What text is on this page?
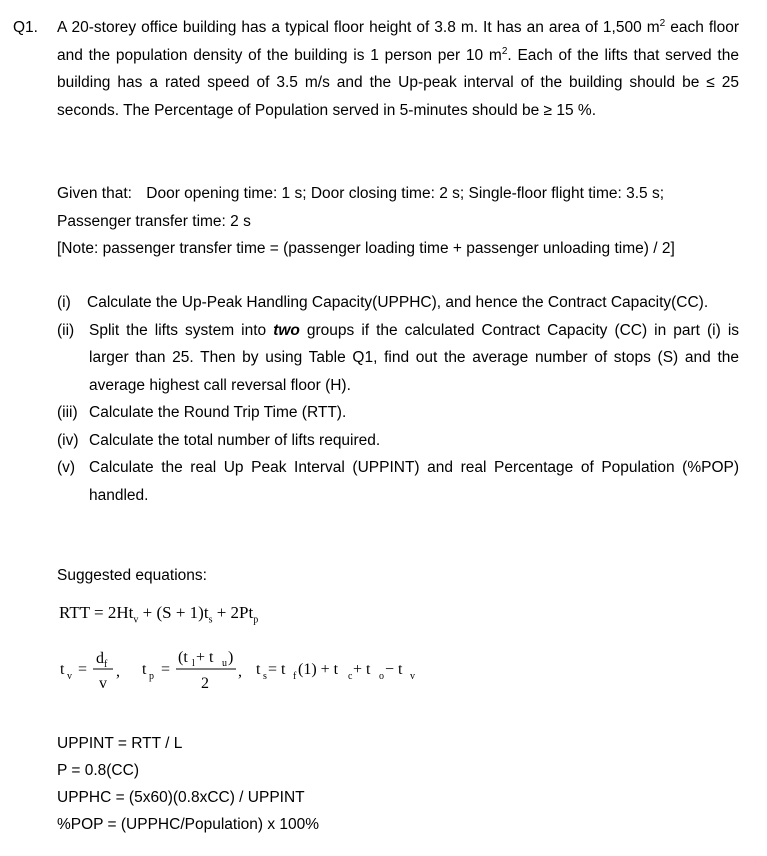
Q1. A 20-storey office building has a typical floor height of 3.8 m. It has an area of 1,500 $m^2$ each floor and the population density of the building is 1 person per 10 $m^2$. Each of the lifts that served the building has a rated speed of 3.5 m/s and the Up-peak interval of the building should be ≤ 25 seconds. The Percentage of Population served in 5-minutes should be ≥ 15 %.
Given that: Door opening time: 1 s; Door closing time: 2 s; Single-floor flight time: 3.5 s;
Passenger transfer time: 2 s
[Note: passenger transfer time = (passenger loading time + passenger unloading time) / 2]
(i) Calculate the Up-Peak Handling Capacity(UPPHC), and hence the Contract Capacity(CC).
(ii) Split the lifts system into two groups if the calculated Contract Capacity (CC) in part (i) is larger than 25. Then by using Table Q1, find out the average number of stops (S) and the average highest call reversal floor (H).
(iii) Calculate the Round Trip Time (RTT).
(iv) Calculate the total number of lifts required.
(v) Calculate the real Up Peak Interval (UPPINT) and real Percentage of Population (%POP) handled.
Suggested equations:
RTT = $2Ht_v + (S + 1)t_s + 2Pt_p$
t v =
d f
v
, t p =
(t l + t u )
2
, t s = t f (1) + t c + t o − t v
UPPINT = RTT / L
P = 0.8(CC)
UPPHC = (5x60)(0.8xCC) / UPPINT
%POP = (UPPHC/Population) x 100%
